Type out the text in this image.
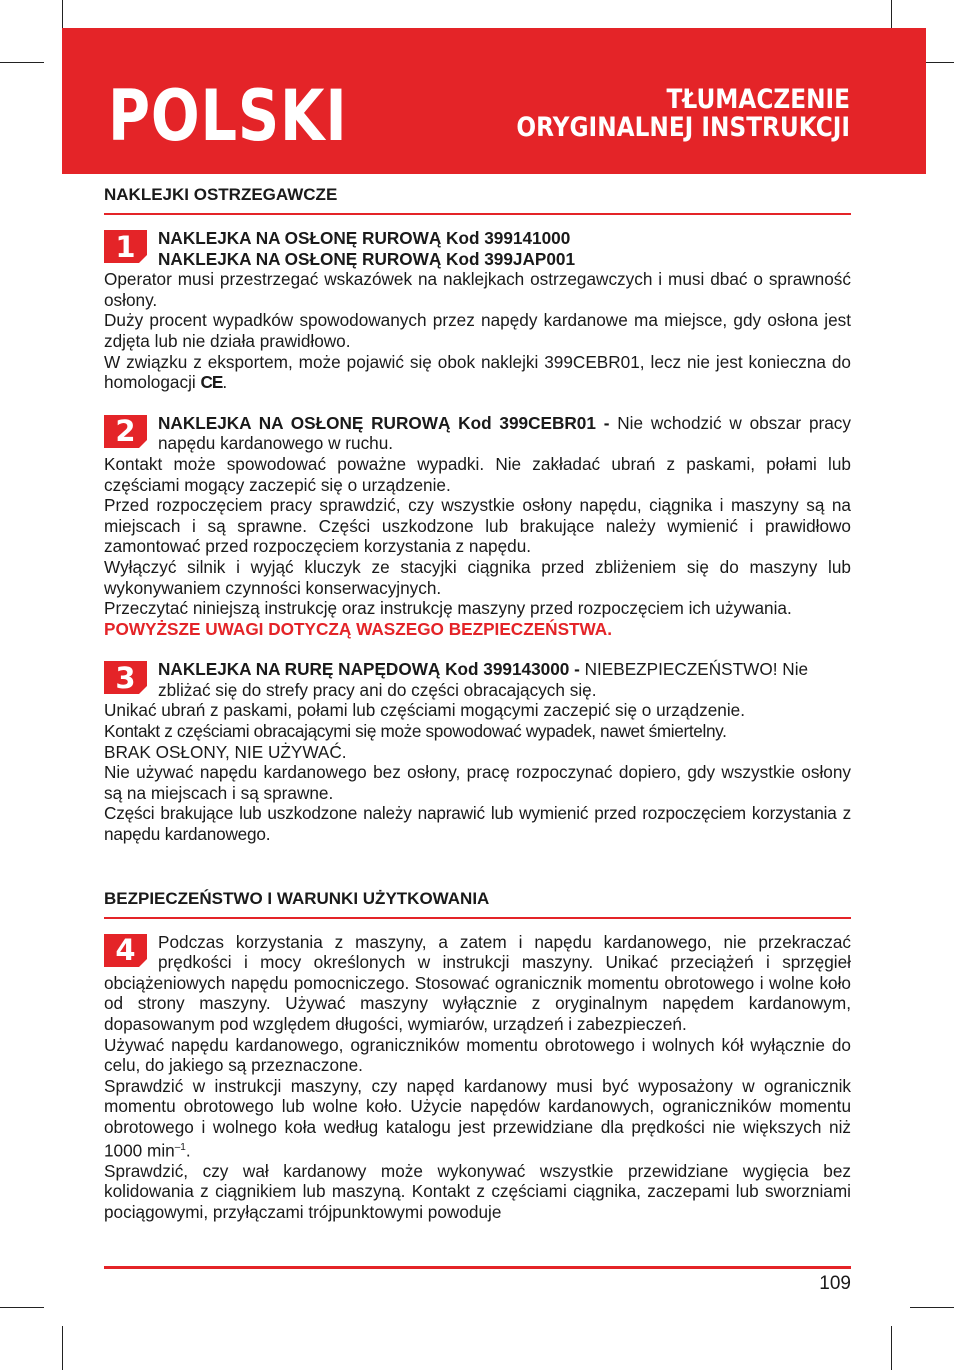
POLSKI	TŁUMACZENIE
ORYGINALNEJ INSTRUKCJI
NAKLEJKI OSTRZEGAWCZE
1	NAKLEJKA NA OSŁONĘ RUROWĄ Kod 399141000

NAKLEJKA NA OSŁONĘ RUROWĄ Kod 399JAP001

Operator musi przestrzegać wskazówek na naklejkach ostrzegawczych i musi dbać o sprawność osłony.

Duży procent wypadków spowodowanych przez napędy kardanowe ma miejsce, gdy osłona jest zdjęta lub nie działa prawidłowo.

W związku z eksportem, może pojawić się obok naklejki 399CEBR01, lecz nie jest konieczna do homologacji CE.

2	NAKLEJKA NA OSŁONĘ RUROWĄ Kod 399CEBR01 - Nie wchodzić w obszar pracy napędu kardanowego w ruchu.

Kontakt może spowodować poważne wypadki. Nie zakładać ubrań z paskami, połami lub częściami mogący zaczepić się o urządzenie.

Przed rozpoczęciem pracy sprawdzić, czy wszystkie osłony napędu, ciągnika i maszyny są na miejscach i są sprawne. Części uszkodzone lub brakujące należy wymienić i prawidłowo zamontować przed rozpoczęciem korzystania z napędu.

Wyłączyć silnik i wyjąć kluczyk ze stacyjki ciągnika przed zbliżeniem się do maszyny lub wykonywaniem czynności konserwacyjnych.

Przeczytać niniejszą instrukcję oraz instrukcję maszyny przed rozpoczęciem ich używania.

POWYŻSZE UWAGI DOTYCZĄ WASZEGO BEZPIECZEŃSTWA.

3	NAKLEJKA NA RURĘ NAPĘDOWĄ Kod 399143000 - NIEBEZPIECZEŃSTWO! Nie zbliżać się do strefy pracy ani do części obracających się.

Unikać ubrań z paskami, połami lub częściami mogącymi zaczepić się o urządzenie.

Kontakt z częściami obracającymi się może spowodować wypadek, nawet śmiertelny.

BRAK OSŁONY, NIE UŻYWAĆ.

Nie używać napędu kardanowego bez osłony, pracę rozpoczynać dopiero, gdy wszystkie osłony są na miejscach i są sprawne.

Części brakujące lub uszkodzone należy naprawić lub wymienić przed rozpoczęciem korzystania z napędu kardanowego.

BEZPIECZEŃSTWO I WARUNKI UŻYTKOWANIA
4	Podczas korzystania z maszyny, a zatem i napędu kardanowego, nie przekraczać prędkości i mocy określonych w instrukcji maszyny. Unikać przeciążeń i sprzęgieł obciążeniowych napędu pomocniczego. Stosować ogranicznik momentu obrotowego i wolne koło od strony maszyny. Używać maszyny wyłącznie z oryginalnym napędem kardanowym, dopasowanym pod względem długości, wymiarów, urządzeń i zabezpieczeń.

Używać napędu kardanowego, ograniczników momentu obrotowego i wolnych kół wyłącznie do celu, do jakiego są przeznaczone.

Sprawdzić w instrukcji maszyny, czy napęd kardanowy musi być wyposażony w ogranicznik momentu obrotowego lub wolne koło. Użycie napędów kardanowych, ograniczników momentu obrotowego i wolnego koła według katalogu jest przewidziane dla prędkości nie większych niż 1000 $\min^{-1}$.

Sprawdzić, czy wał kardanowy może wykonywać wszystkie przewidziane wygięcia bez kolidowania z ciągnikiem lub maszyną. Kontakt z częściami ciągnika, zaczepami lub sworzniami pociągowymi, przyłączami trójpunktowymi powoduje

109
